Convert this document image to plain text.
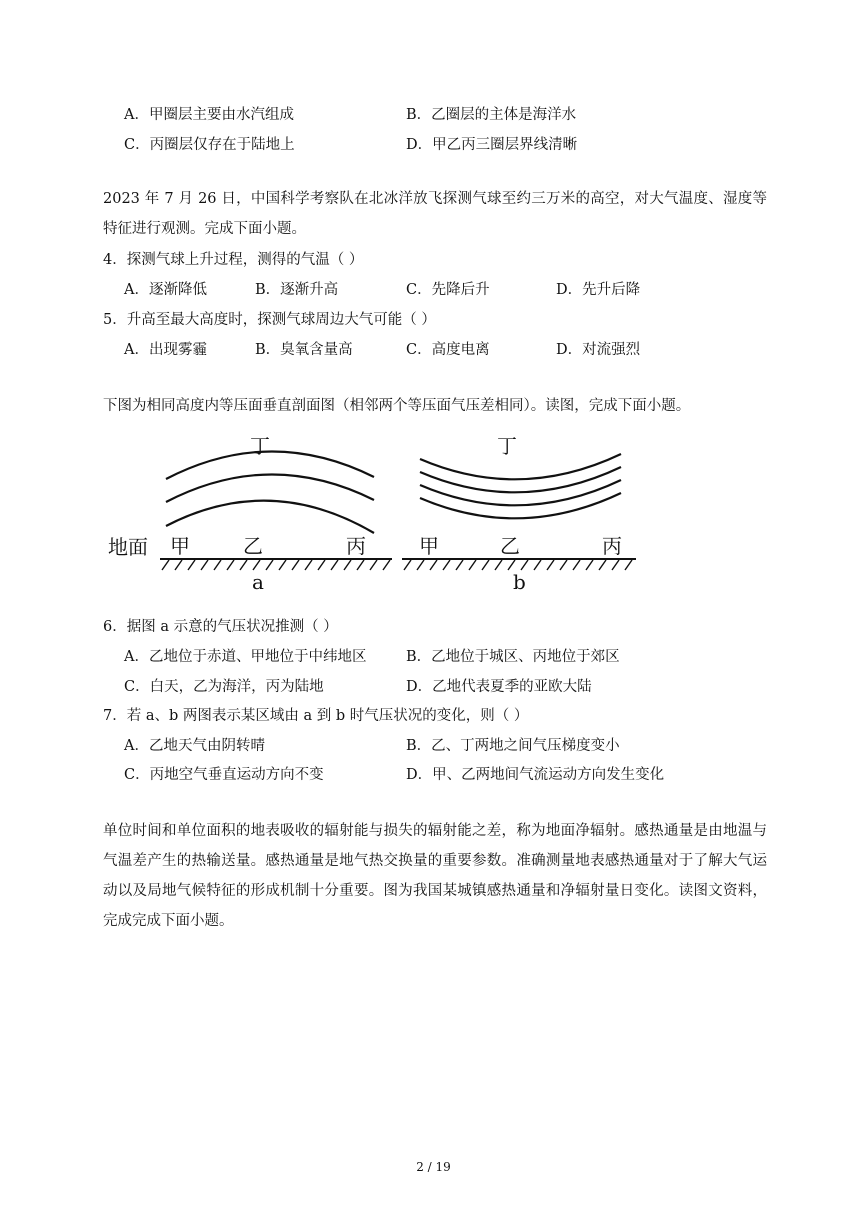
A．甲圈层主要由水汽组成	B．乙圈层的主体是海洋水
C．丙圈层仅存在于陆地上	D．甲乙丙三圈层界线清晰
2023 年 7 月 26 日，中国科学考察队在北冰洋放飞探测气球至约三万米的高空，对大气温度、湿度等特征进行观测。完成下面小题。
4．探测气球上升过程，测得的气温（ ）
A．逐渐降低	B．逐渐升高	C．先降后升	D．先升后降
5．升高至最大高度时，探测气球周边大气可能（ ）
A．出现雾霾	B．臭氧含量高	C．高度电离	D．对流强烈
下图为相同高度内等压面垂直剖面图（相邻两个等压面气压差相同）。读图，完成下面小题。
丁	丁
地面 甲	乙	丙	甲	乙	丙
a	b
6．据图 a 示意的气压状况推测（ ）
A．乙地位于赤道、甲地位于中纬地区	B．乙地位于城区、丙地位于郊区
C．白天，乙为海洋，丙为陆地	D．乙地代表夏季的亚欧大陆
7．若 a、b 两图表示某区域由 a 到 b 时气压状况的变化，则（ ）
A．乙地天气由阴转晴	B．乙、丁两地之间气压梯度变小
C．丙地空气垂直运动方向不变	D．甲、乙两地间气流运动方向发生变化
单位时间和单位面积的地表吸收的辐射能与损失的辐射能之差，称为地面净辐射。感热通量是由地温与气温差产生的热输送量。感热通量是地气热交换量的重要参数。准确测量地表感热通量对于了解大气运动以及局地气候特征的形成机制十分重要。图为我国某城镇感热通量和净辐射量日变化。读图文资料，完成完成下面小题。
2 / 19
